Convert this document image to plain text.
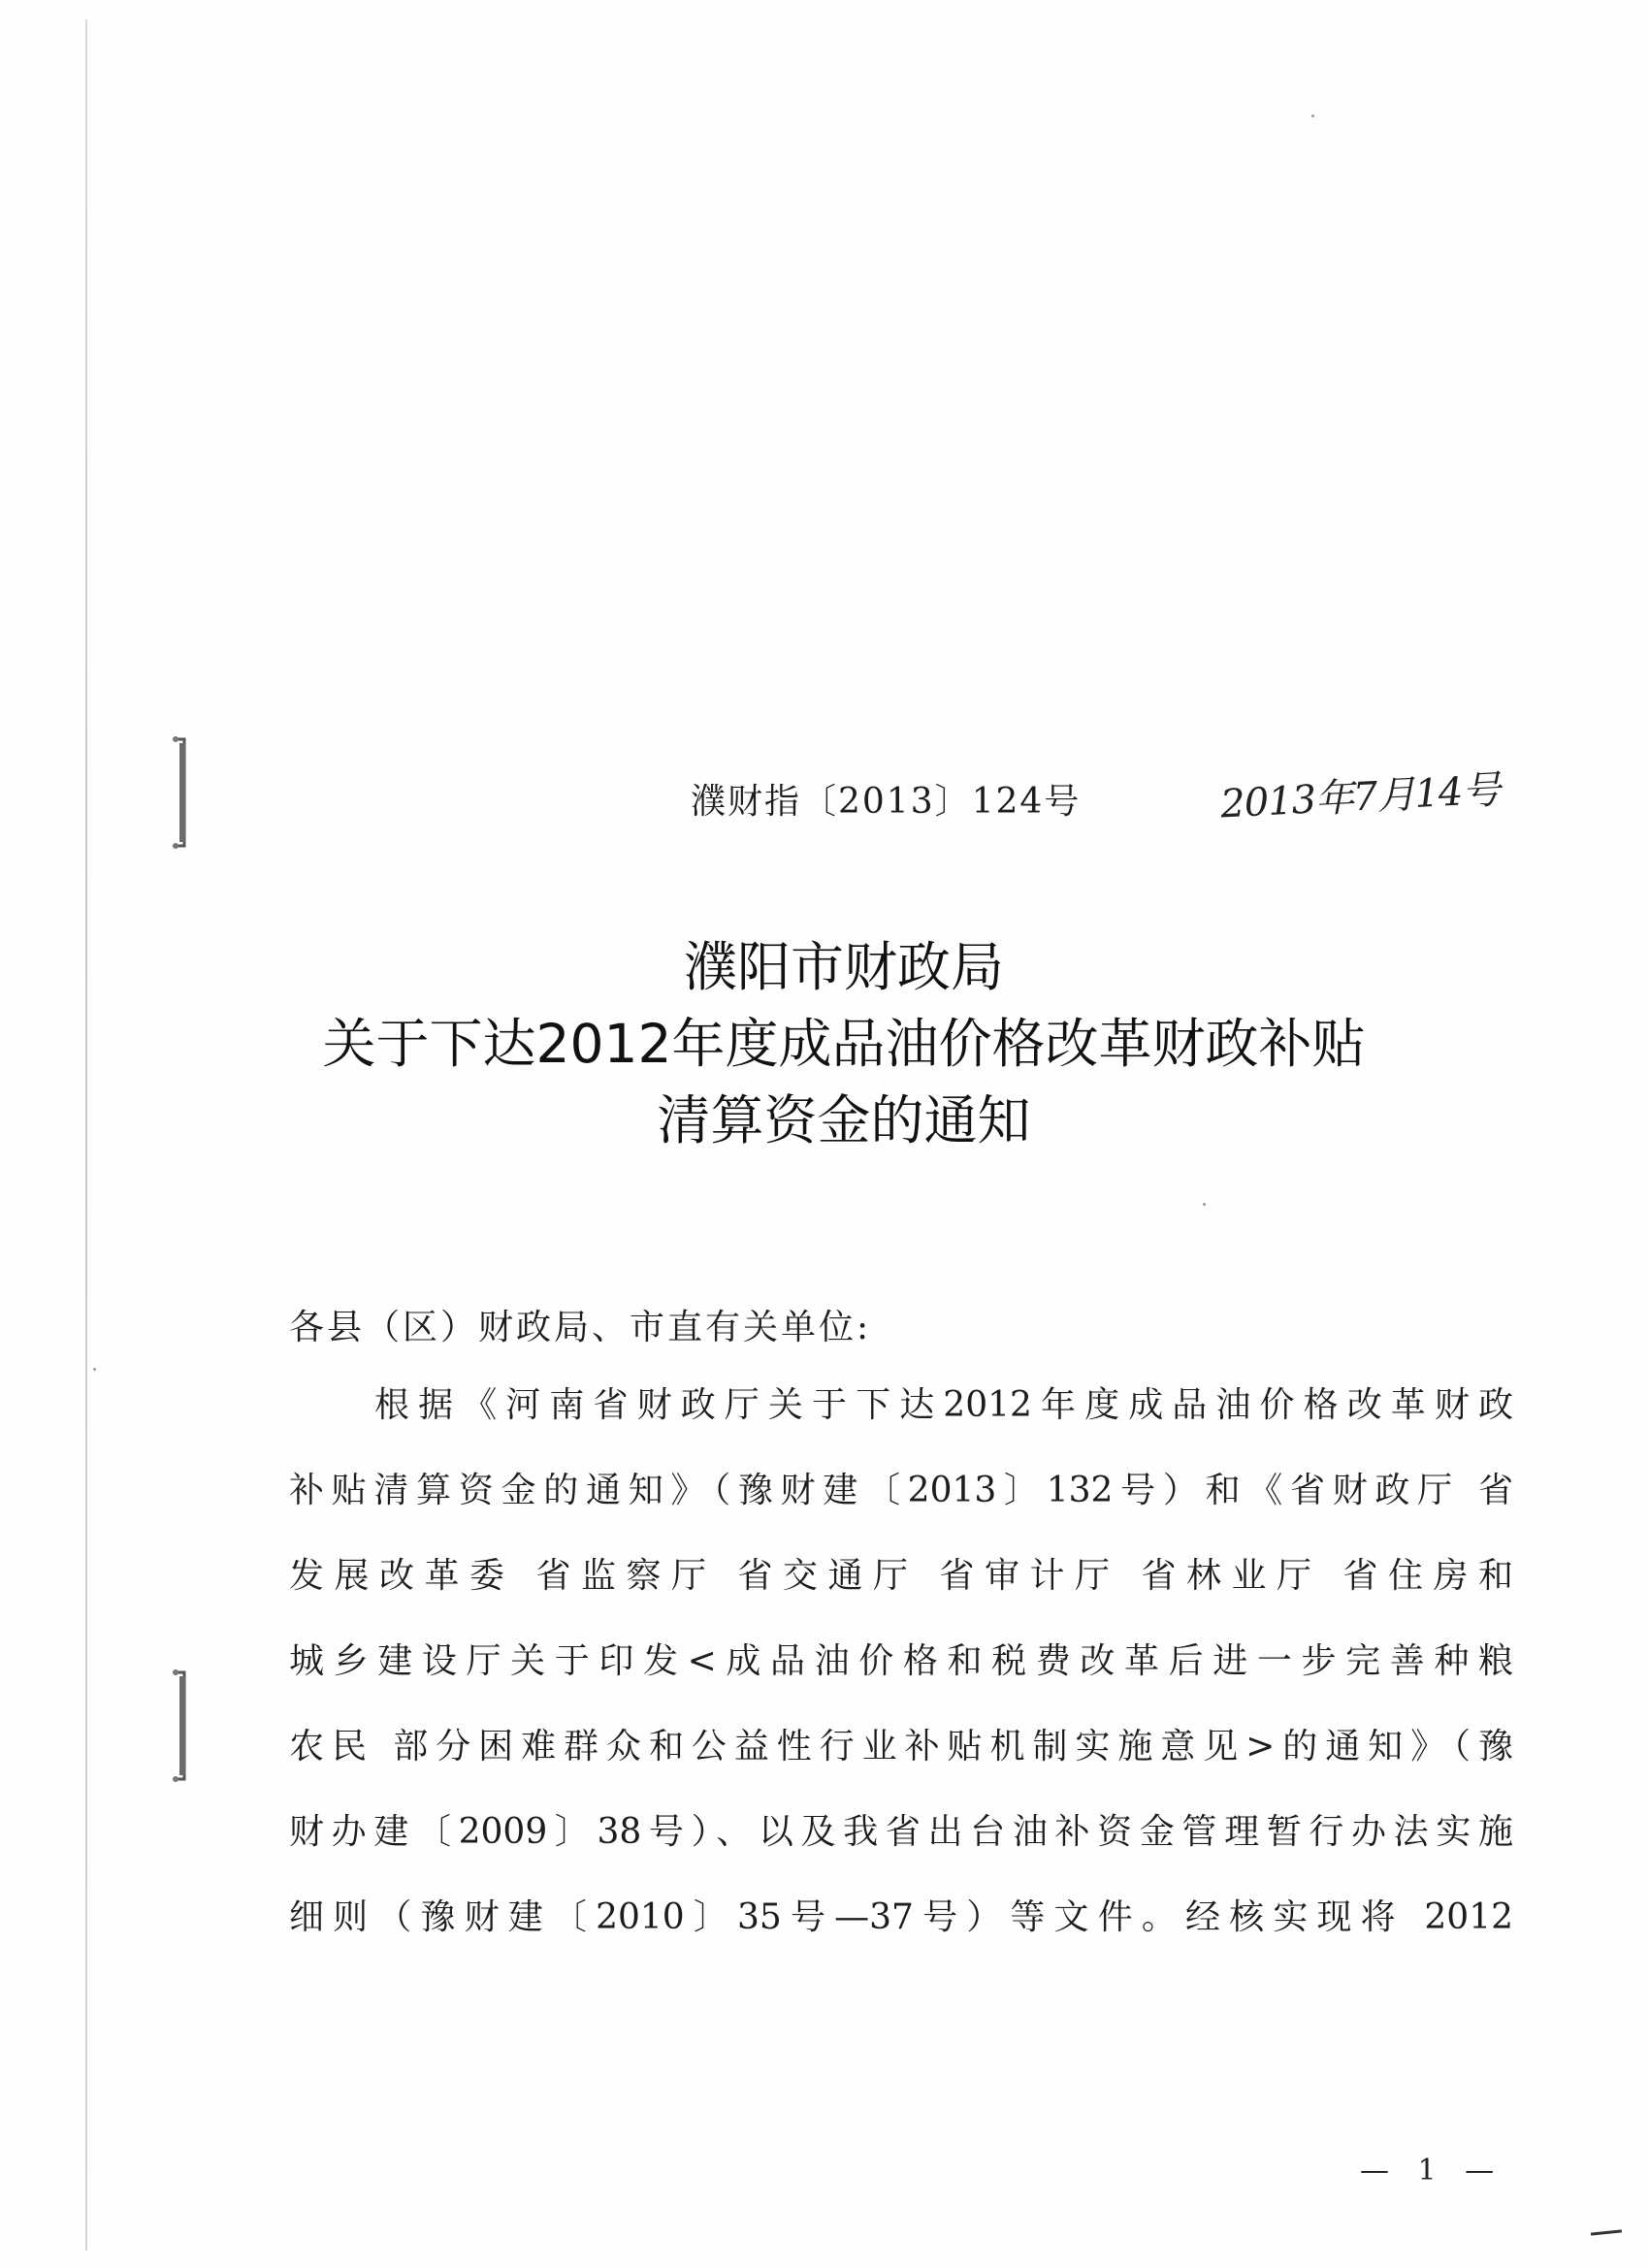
濮财指〔2013〕124号	2013年7月14号
濮阳市财政局
关于下达2012年度成品油价格改革财政补贴
清算资金的通知
各县（区）财政局、市直有关单位:
根据《河南省财政厅关于下达2012年度成品油价格改革财政
补贴清算资金的通知》（豫财建〔2013〕132号）和《省财政厅 省
发展改革委 省监察厅 省交通厅 省审计厅 省林业厅 省住房和
城乡建设厅关于印发<成品油价格和税费改革后进一步完善种粮
农民 部分困难群众和公益性行业补贴机制实施意见>的通知》（豫
财办建〔2009〕38号）、以及我省出台油补资金管理暂行办法实施
细则（豫财建〔2010〕35号—37号）等文件。经核实现将 2012
— 1 —
